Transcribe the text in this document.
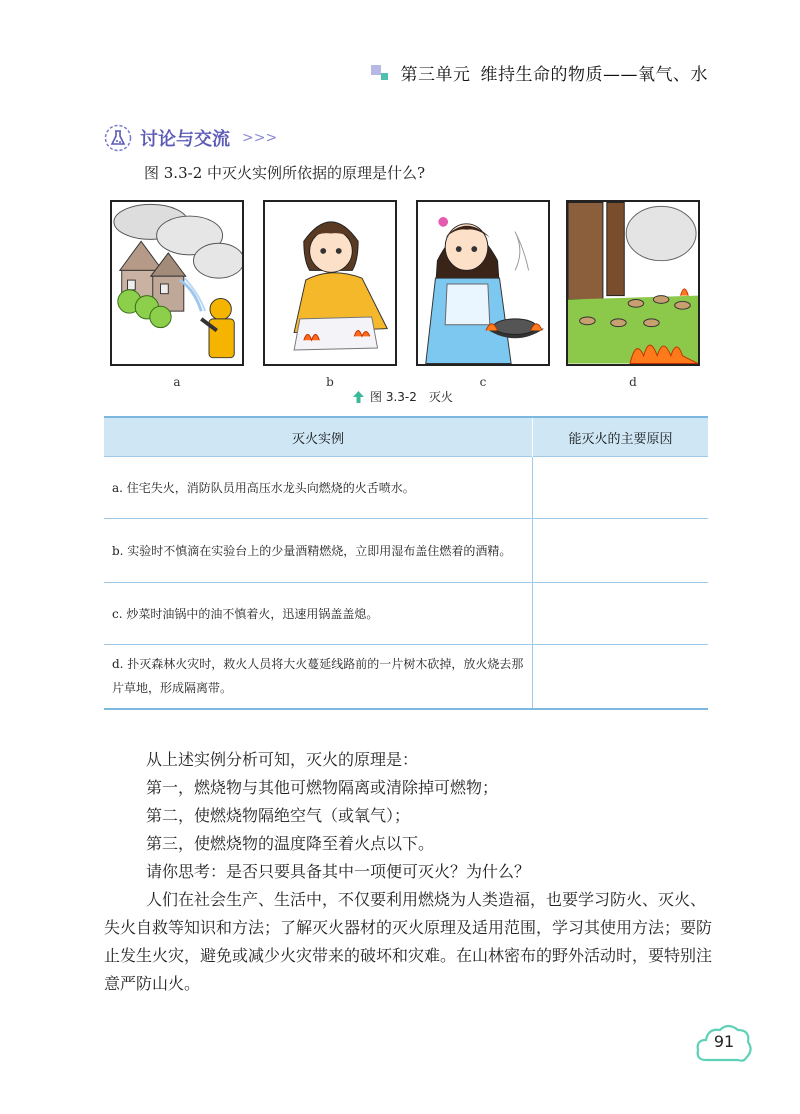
第三单元 维持生命的物质——氧气、水
讨论与交流 >>>
图 3.3-2 中灭火实例所依据的原理是什么?
a	b	c	d
图 3.3-2 灭火
灭火实例	能灭火的主要原因
a. 住宅失火，消防队员用高压水龙头向燃烧的火舌喷水。	
b. 实验时不慎滴在实验台上的少量酒精燃烧，立即用湿布盖住燃着的酒精。	
c. 炒菜时油锅中的油不慎着火，迅速用锅盖盖熄。	
d. 扑灭森林火灾时，救火人员将大火蔓延线路前的一片树木砍掉，放火烧去那片草地，形成隔离带。	

从上述实例分析可知，灭火的原理是：

第一，燃烧物与其他可燃物隔离或清除掉可燃物；

第二，使燃烧物隔绝空气（或氧气）；

第三，使燃烧物的温度降至着火点以下。

请你思考：是否只要具备其中一项便可灭火？为什么？

人们在社会生产、生活中，不仅要利用燃烧为人类造福，也要学习防火、灭火、失火自救等知识和方法；了解灭火器材的灭火原理及适用范围，学习其使用方法；要防止发生火灾，避免或减少火灾带来的破坏和灾难。在山林密布的野外活动时，要特别注意严防山火。

91
